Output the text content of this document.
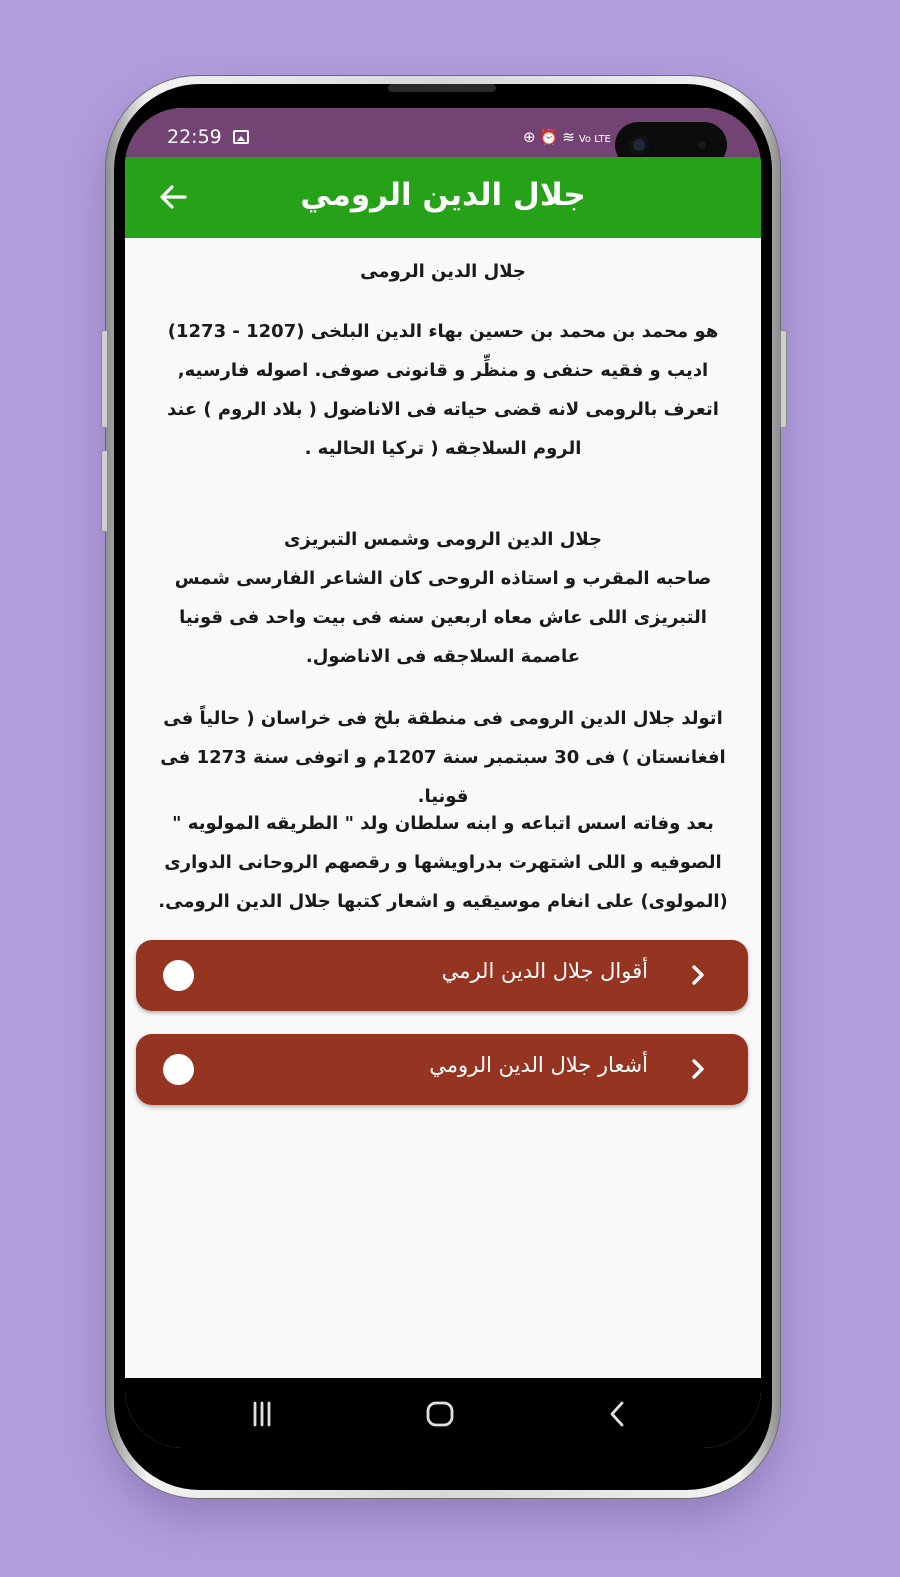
22:59	⊕⏰≋Vo LTE
جلال الدين الرومي

جلال الدين الرومى

هو محمد بن محمد بن حسين بهاء الدين البلخى (1207 - 1273) اديب و فقيه حنفى و منظِّر و قانونى صوفى. اصوله فارسيه, اتعرف بالرومى لانه قضى حياته فى الاناضول ( بلاد الروم ) عند الروم السلاجقه ( تركيا الحاليه .

جلال الدين الرومى وشمس التبريزى

صاحبه المقرب و استاذه الروحى كان الشاعر الفارسى شمس التبريزى اللى عاش معاه اربعين سنه فى بيت واحد فى قونيا عاصمة السلاجقه فى الاناضول.

اتولد جلال الدين الرومى فى منطقة بلخ فى خراسان ( حالياً فى افغانستان ) فى 30 سبتمبر سنة 1207م و اتوفى سنة 1273 فى قونيا.

بعد وفاته اسس اتباعه و ابنه سلطان ولد " الطريقه المولويه " الصوفيه و اللى اشتهرت بدراويشها و رقصهم الروحانى الدوارى (المولوى) على انغام موسيقيه و اشعار كتبها جلال الدين الرومى.

أقوال جلال الدين الرمي
أشعار جلال الدين الرومي
